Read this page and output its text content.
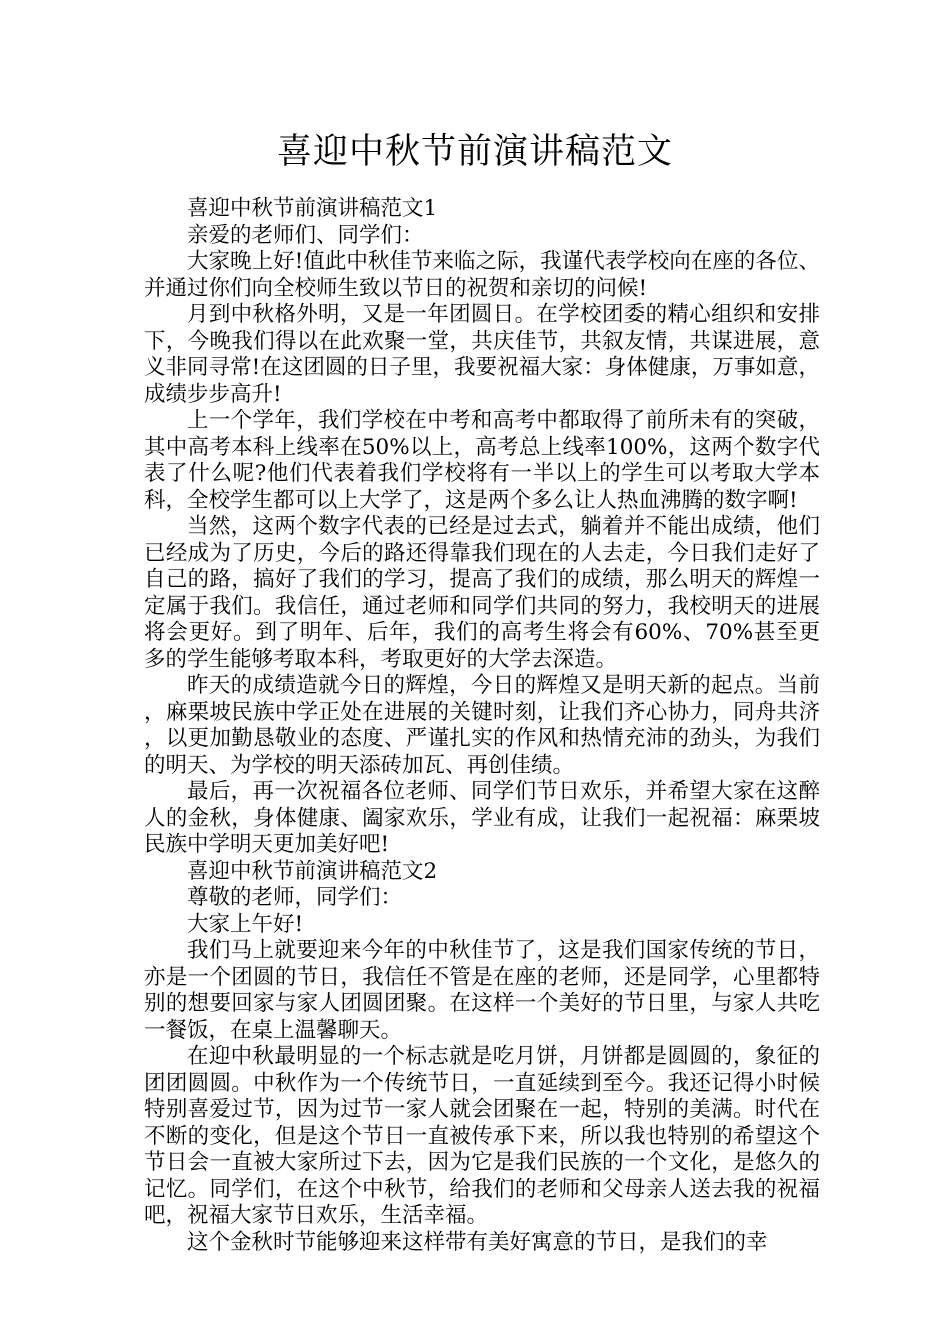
喜迎中秋节前演讲稿范文

喜迎中秋节前演讲稿范文1

亲爱的老师们、同学们：

大家晚上好!值此中秋佳节来临之际，我谨代表学校向在座的各位、并通过你们向全校师生致以节日的祝贺和亲切的问候!

月到中秋格外明，又是一年团圆日。在学校团委的精心组织和安排下，今晚我们得以在此欢聚一堂，共庆佳节，共叙友情，共谋进展，意义非同寻常!在这团圆的日子里，我要祝福大家：身体健康，万事如意，成绩步步高升!

上一个学年，我们学校在中考和高考中都取得了前所未有的突破，其中高考本科上线率在50%以上，高考总上线率100%，这两个数字代表了什么呢?他们代表着我们学校将有一半以上的学生可以考取大学本科，全校学生都可以上大学了，这是两个多么让人热血沸腾的数字啊!

当然，这两个数字代表的已经是过去式，躺着并不能出成绩，他们已经成为了历史，今后的路还得靠我们现在的人去走，今日我们走好了自己的路，搞好了我们的学习，提高了我们的成绩，那么明天的辉煌一定属于我们。我信任，通过老师和同学们共同的努力，我校明天的进展将会更好。到了明年、后年，我们的高考生将会有60%、70%甚至更多的学生能够考取本科，考取更好的大学去深造。

昨天的成绩造就今日的辉煌，今日的辉煌又是明天新的起点。当前，麻栗坡民族中学正处在进展的关键时刻，让我们齐心协力，同舟共济，以更加勤恳敬业的态度、严谨扎实的作风和热情充沛的劲头，为我们的明天、为学校的明天添砖加瓦、再创佳绩。

最后，再一次祝福各位老师、同学们节日欢乐，并希望大家在这醉人的金秋，身体健康、阖家欢乐，学业有成，让我们一起祝福：麻栗坡民族中学明天更加美好吧!

喜迎中秋节前演讲稿范文2

尊敬的老师，同学们：

大家上午好!

我们马上就要迎来今年的中秋佳节了，这是我们国家传统的节日，亦是一个团圆的节日，我信任不管是在座的老师，还是同学，心里都特别的想要回家与家人团圆团聚。在这样一个美好的节日里，与家人共吃一餐饭，在桌上温馨聊天。

在迎中秋最明显的一个标志就是吃月饼，月饼都是圆圆的，象征的团团圆圆。中秋作为一个传统节日，一直延续到至今。我还记得小时候特别喜爱过节，因为过节一家人就会团聚在一起，特别的美满。时代在不断的变化，但是这个节日一直被传承下来，所以我也特别的希望这个节日会一直被大家所过下去，因为它是我们民族的一个文化，是悠久的记忆。同学们，在这个中秋节，给我们的老师和父母亲人送去我的祝福吧，祝福大家节日欢乐，生活幸福。

这个金秋时节能够迎来这样带有美好寓意的节日，是我们的幸
